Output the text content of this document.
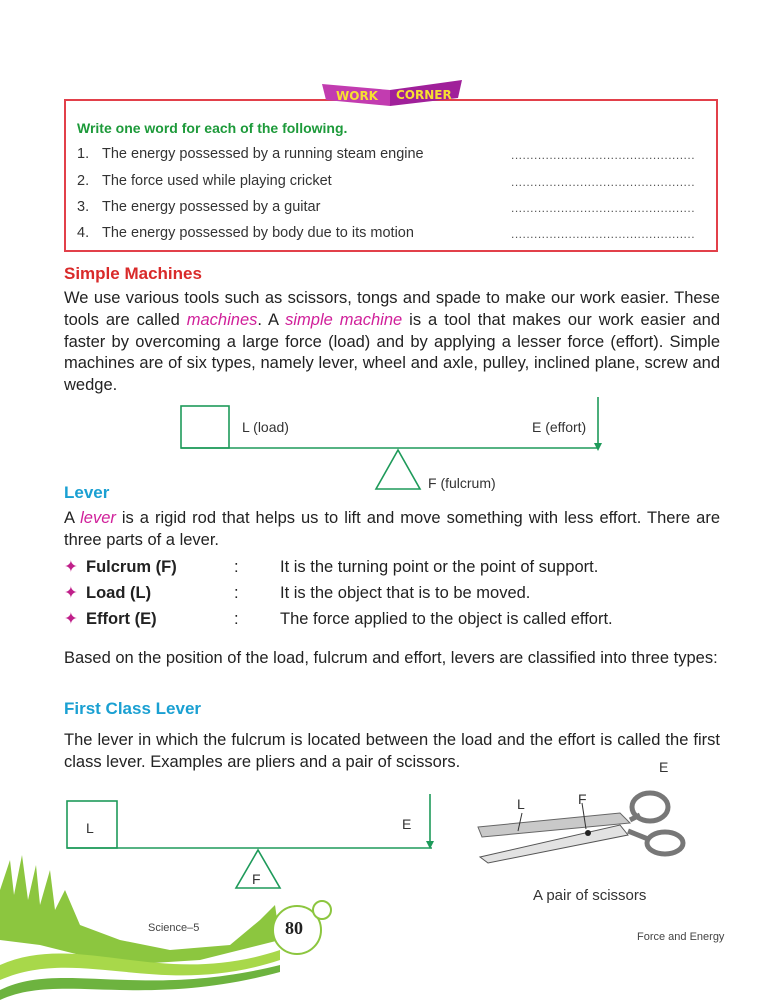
WORK CORNER
Write one word for each of the following.
1. The energy possessed by a running steam engine	................................................
2. The force used while playing cricket	................................................
3. The energy possessed by a guitar	................................................
4. The energy possessed by body due to its motion	................................................
Simple Machines
We use various tools such as scissors, tongs and spade to make our work easier. These tools are called machines. A simple machine is a tool that makes our work easier and faster by overcoming a large force (load) and by applying a lesser force (effort). Simple machines are of six types, namely lever, wheel and axle, pulley, inclined plane, screw and wedge.
L (load)	E (effort)
F (fulcrum)
Lever
A lever is a rigid rod that helps us to lift and move something with less effort. There are three parts of a lever.
✦ Fulcrum (F)	:	It is the turning point or the point of support.
✦ Load (L)	:	It is the object that is to be moved.
✦ Effort (E)	:	The force applied to the object is called effort.
Based on the position of the load, fulcrum and effort, levers are classified into three types:
First Class Lever
The lever in which the fulcrum is located between the load and the effort is called the first class lever. Examples are pliers and a pair of scissors.
L	E
F
L	F
E
A pair of scissors
80
Science–5
Force and Energy
